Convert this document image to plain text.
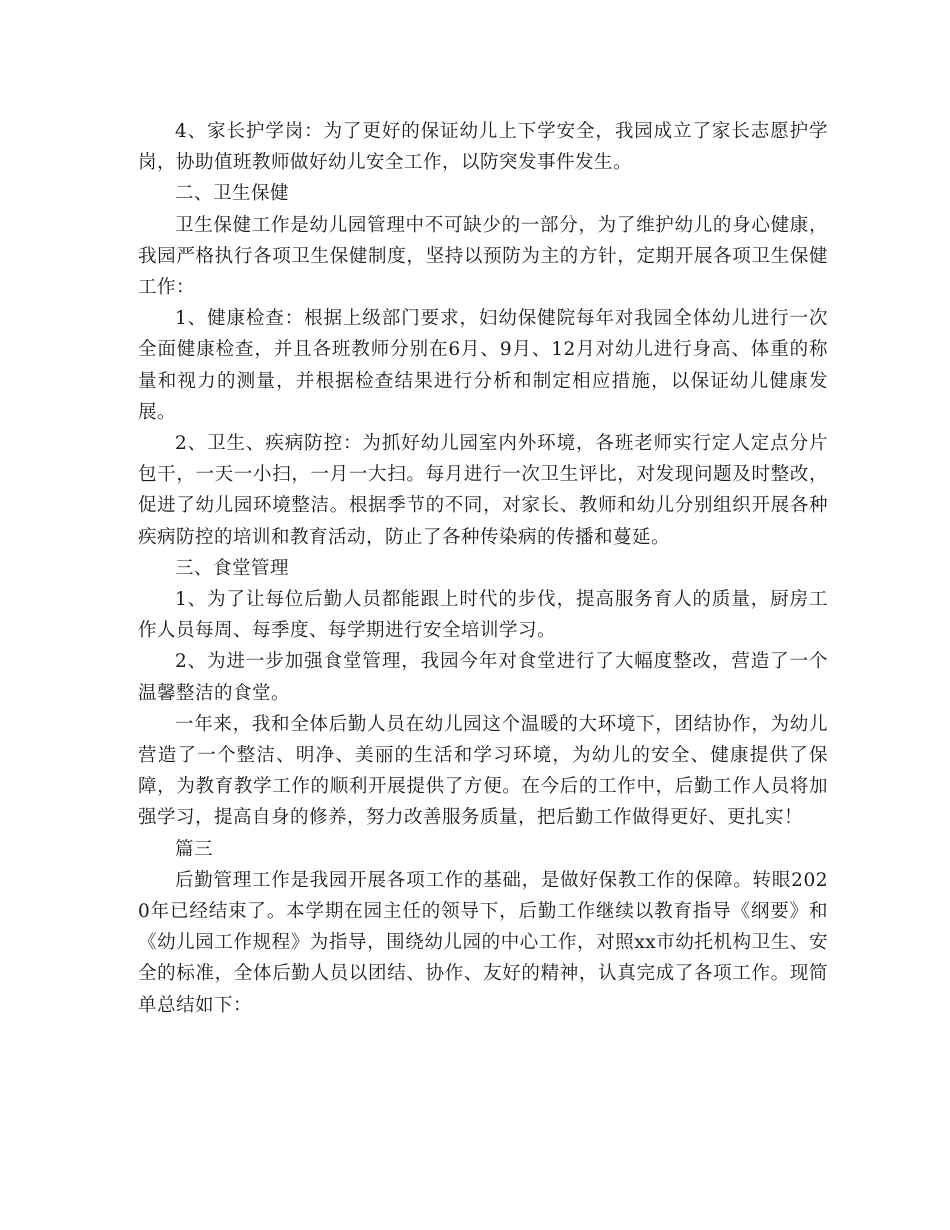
4、家长护学岗：为了更好的保证幼儿上下学安全，我园成立了家长志愿护学岗，协助值班教师做好幼儿安全工作，以防突发事件发生。

二、卫生保健

卫生保健工作是幼儿园管理中不可缺少的一部分，为了维护幼儿的身心健康，我园严格执行各项卫生保健制度，坚持以预防为主的方针，定期开展各项卫生保健工作：

1、健康检查：根据上级部门要求，妇幼保健院每年对我园全体幼儿进行一次全面健康检查，并且各班教师分别在6月、9月、12月对幼儿进行身高、体重的称量和视力的测量，并根据检查结果进行分析和制定相应措施，以保证幼儿健康发展。

2、卫生、疾病防控：为抓好幼儿园室内外环境，各班老师实行定人定点分片包干，一天一小扫，一月一大扫。每月进行一次卫生评比，对发现问题及时整改，促进了幼儿园环境整洁。根据季节的不同，对家长、教师和幼儿分别组织开展各种疾病防控的培训和教育活动，防止了各种传染病的传播和蔓延。

三、食堂管理

1、为了让每位后勤人员都能跟上时代的步伐，提高服务育人的质量，厨房工作人员每周、每季度、每学期进行安全培训学习。

2、为进一步加强食堂管理，我园今年对食堂进行了大幅度整改，营造了一个温馨整洁的食堂。

一年来，我和全体后勤人员在幼儿园这个温暖的大环境下，团结协作，为幼儿营造了一个整洁、明净、美丽的生活和学习环境，为幼儿的安全、健康提供了保障，为教育教学工作的顺利开展提供了方便。在今后的工作中，后勤工作人员将加强学习，提高自身的修养，努力改善服务质量，把后勤工作做得更好、更扎实！

篇三

后勤管理工作是我园开展各项工作的基础，是做好保教工作的保障。转眼2020年已经结束了。本学期在园主任的领导下，后勤工作继续以教育指导《纲要》和《幼儿园工作规程》为指导，围绕幼儿园的中心工作，对照xx市幼托机构卫生、安全的标准，全体后勤人员以团结、协作、友好的精神，认真完成了各项工作。现简单总结如下：
